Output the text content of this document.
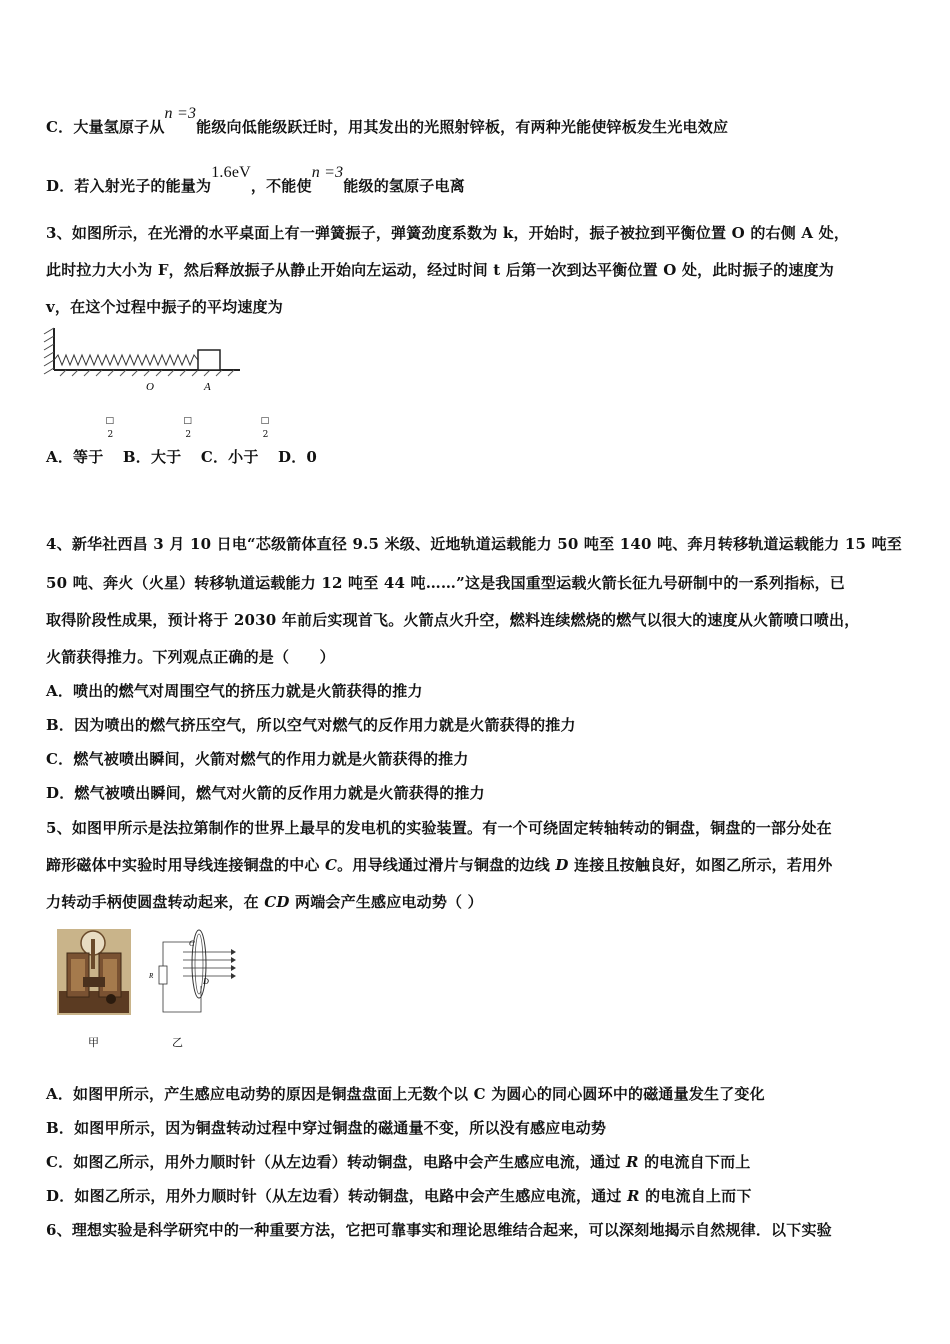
C．大量氢原子从n =3能级向低能级跃迁时，用其发出的光照射锌板，有两种光能使锌板发生光电效应
D．若入射光子的能量为1.6eV，不能使n =3能级的氢原子电离
3、如图所示，在光滑的水平桌面上有一弹簧振子，弹簧劲度系数为 k，开始时，振子被拉到平衡位置 O 的右侧 A 处，
此时拉力大小为 F，然后释放振子从静止开始向左运动，经过时间 t 后第一次到达平衡位置 O 处，此时振子的速度为
v，在这个过程中振子的平均速度为
O	A
A．等于
□
2
B．大于
□
2
C．小于
□
2
D．0
4、新华社西昌 3 月 10 日电“芯级箭体直径 9.5 米级、近地轨道运载能力 50 吨至 140 吨、奔月转移轨道运载能力 15 吨至
50 吨、奔火（火星）转移轨道运载能力 12 吨至 44 吨……”这是我国重型运载火箭长征九号研制中的一系列指标，已
取得阶段性成果，预计将于 2030 年前后实现首飞。火箭点火升空，燃料连续燃烧的燃气以很大的速度从火箭喷口喷出，
火箭获得推力。下列观点正确的是（　　）
A．喷出的燃气对周围空气的挤压力就是火箭获得的推力
B．因为喷出的燃气挤压空气，所以空气对燃气的反作用力就是火箭获得的推力
C．燃气被喷出瞬间，火箭对燃气的作用力就是火箭获得的推力
D．燃气被喷出瞬间，燃气对火箭的反作用力就是火箭获得的推力
5、如图甲所示是法拉第制作的世界上最早的发电机的实验装置。有一个可绕固定转轴转动的铜盘，铜盘的一部分处在
蹄形磁体中实验时用导线连接铜盘的中心 C。用导线通过滑片与铜盘的边线 D 连接且按触良好，如图乙所示，若用外
力转动手柄使圆盘转动起来，在 CD 两端会产生感应电动势（ ）
甲
C
D
R
乙
A．如图甲所示，产生感应电动势的原因是铜盘盘面上无数个以 C 为圆心的同心圆环中的磁通量发生了变化
B．如图甲所示，因为铜盘转动过程中穿过铜盘的磁通量不变，所以没有感应电动势
C．如图乙所示，用外力顺时针（从左边看）转动铜盘，电路中会产生感应电流，通过 R 的电流自下而上
D．如图乙所示，用外力顺时针（从左边看）转动铜盘，电路中会产生感应电流，通过 R 的电流自上而下
6、理想实验是科学研究中的一种重要方法，它把可靠事实和理论思维结合起来，可以深刻地揭示自然规律．以下实验
